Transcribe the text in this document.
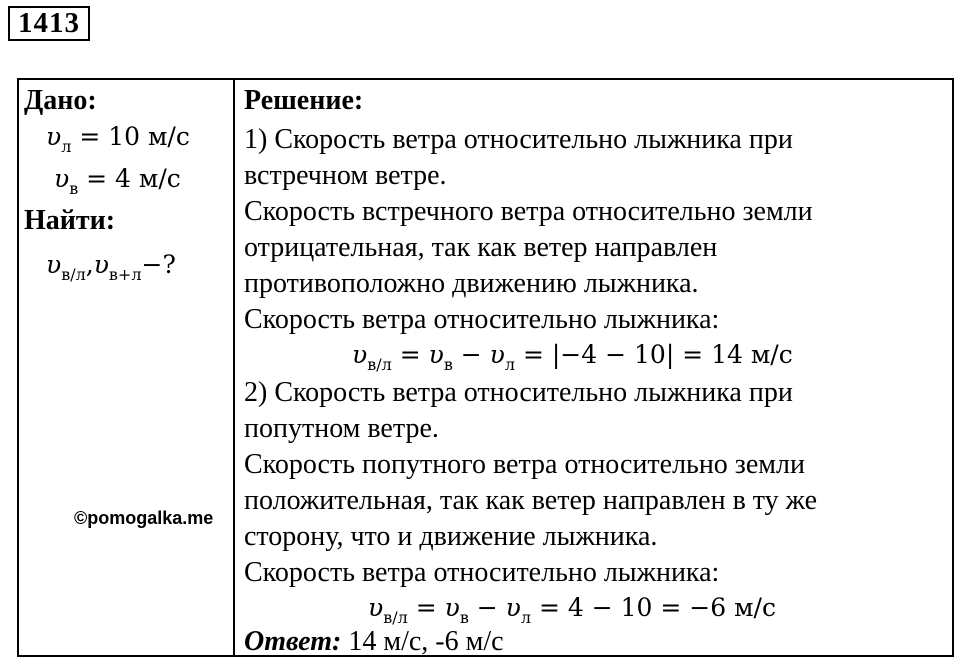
1413
Дано:
$\upsilon_л = 10$ м/с
$\upsilon_в = 4$ м/с
Найти:
$\upsilon_{в/л},\upsilon_{в+л}-$?
©pomogalka.me
Решение:
1) Скорость ветра относительно лыжника при
встречном ветре.
Скорость встречного ветра относительно земли
отрицательная, так как ветер направлен
противоположно движению лыжника.
Скорость ветра относительно лыжника:
$\upsilon_{в/л} = \upsilon_в - \upsilon_л = |-4 - 10| = 14$ м/с
2) Скорость ветра относительно лыжника при
попутном ветре.
Скорость попутного ветра относительно земли
положительная, так как ветер направлен в ту же
сторону, что и движение лыжника.
Скорость ветра относительно лыжника:
$\upsilon_{в/л} = \upsilon_в - \upsilon_л = 4 - 10 = -6$ м/с
Ответ: 14 м/с, -6 м/с
